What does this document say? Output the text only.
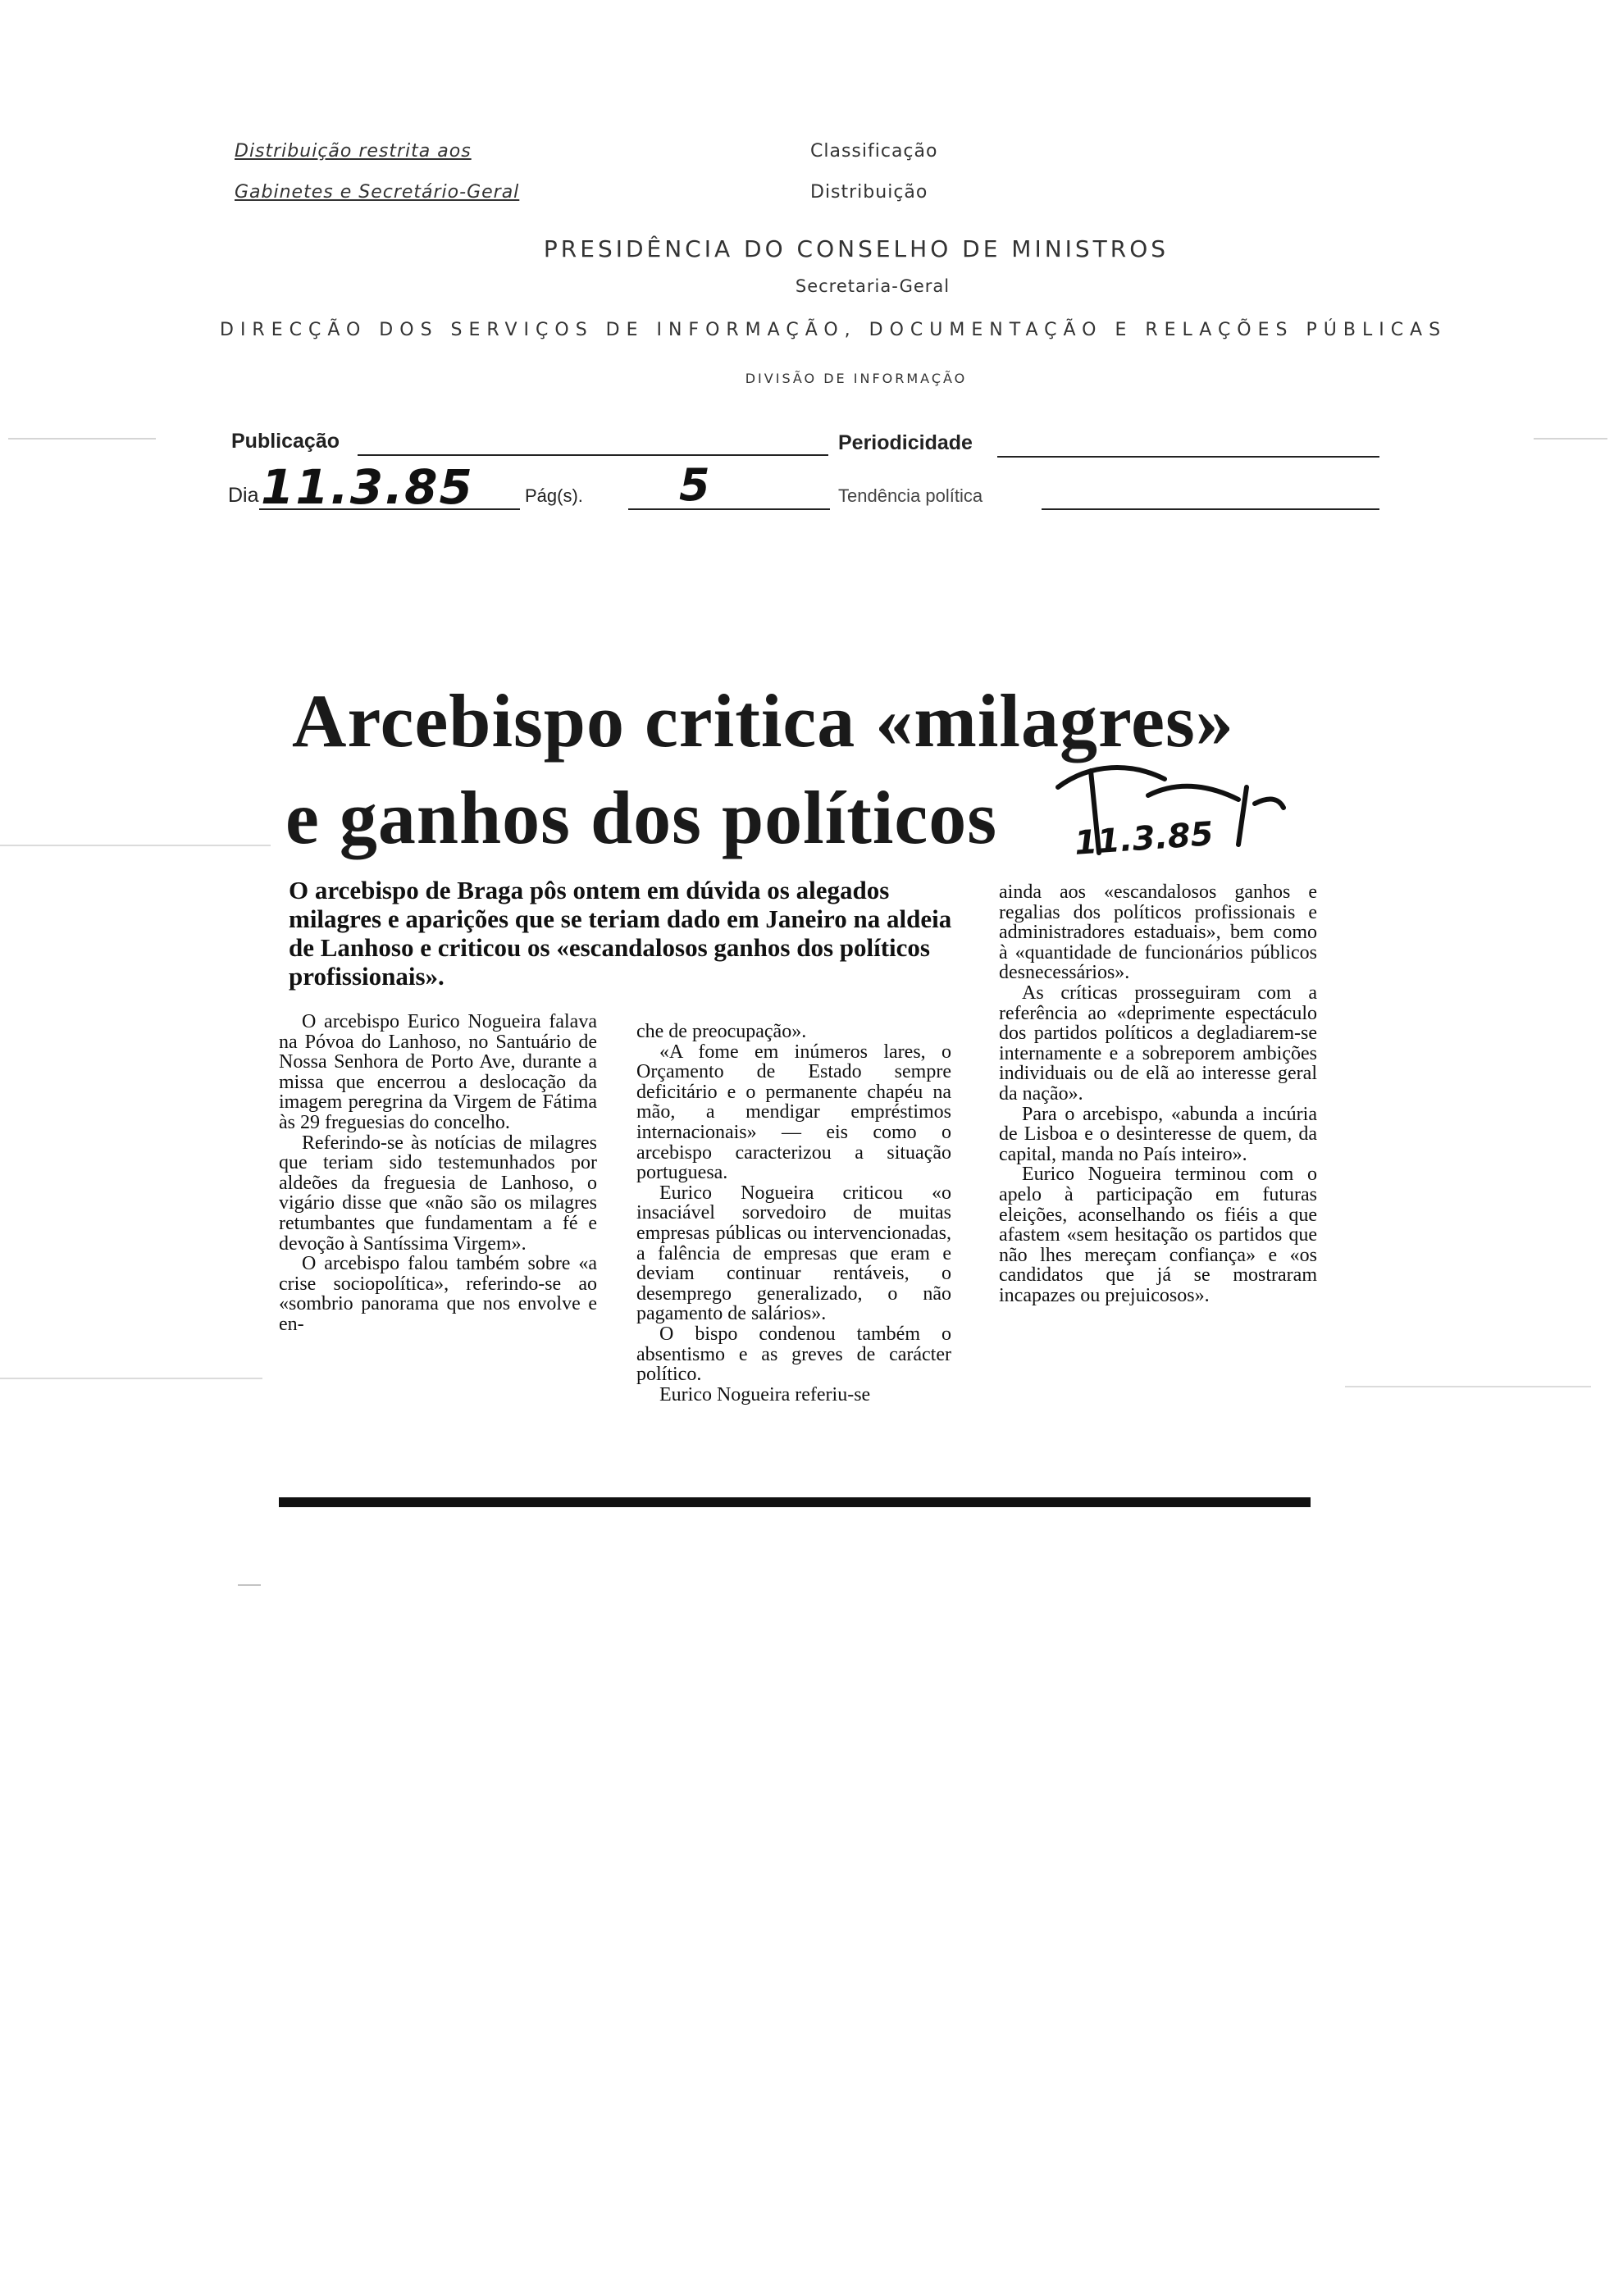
Distribuição restrita aos
Gabinetes e Secretário-Geral
Classificação
Distribuição
PRESIDÊNCIA DO CONSELHO DE MINISTROS
Secretaria-Geral
DIRECÇÃO DOS SERVIÇOS DE INFORMAÇÃO, DOCUMENTAÇÃO E RELAÇÕES PÚBLICAS
DIVISÃO DE INFORMAÇÃO
Publicação	Periodicidade
Dia 11.3.85	Pág(s). 5	Tendência política
Arcebispo critica «milagres»
e ganhos dos políticos 11.3.85
O arcebispo de Braga pôs ontem em dúvida os alegados milagres e aparições que se teriam dado em Janeiro na aldeia de Lanhoso e criticou os «escandalosos ganhos dos políticos profissionais».

O arcebispo Eurico Nogueira falava na Póvoa do Lanhoso, no Santuário de Nossa Senhora de Porto Ave, durante a missa que encerrou a deslocação da imagem peregrina da Virgem de Fátima às 29 freguesias do concelho.

Referindo-se às notícias de milagres que teriam sido testemunhados por aldeões da freguesia de Lanhoso, o vigário disse que «não são os milagres retumbantes que fundamentam a fé e devoção à Santíssima Virgem».

O arcebispo falou também sobre «a crise sociopolítica», referindo-se ao «sombrio panorama que nos envolve e en-

che de preocupação».

«A fome em inúmeros lares, o Orçamento de Estado sempre deficitário e o permanente chapéu na mão, a mendigar empréstimos internacionais» — eis como o arcebispo caracterizou a situação portuguesa.

Eurico Nogueira criticou «o insaciável sorvedoiro de muitas empresas públicas ou intervencionadas, a falência de empresas que eram e deviam continuar rentáveis, o desemprego generalizado, o não pagamento de salários».

O bispo condenou também o absentismo e as greves de carácter político.

Eurico Nogueira referiu-se

ainda aos «escandalosos ganhos e regalias dos políticos profissionais e administradores estaduais», bem como à «quantidade de funcionários públicos desnecessários».

As críticas prosseguiram com a referência ao «deprimente espectáculo dos partidos políticos a degladiarem-se internamente e a sobreporem ambições individuais ou de elã ao interesse geral da nação».

Para o arcebispo, «abunda a incúria de Lisboa e o desinteresse de quem, da capital, manda no País inteiro».

Eurico Nogueira terminou com o apelo à participação em futuras eleições, aconselhando os fiéis a que afastem «sem hesitação os partidos que não lhes mereçam confiança» e «os candidatos que já se mostraram incapazes ou prejuicosos».
